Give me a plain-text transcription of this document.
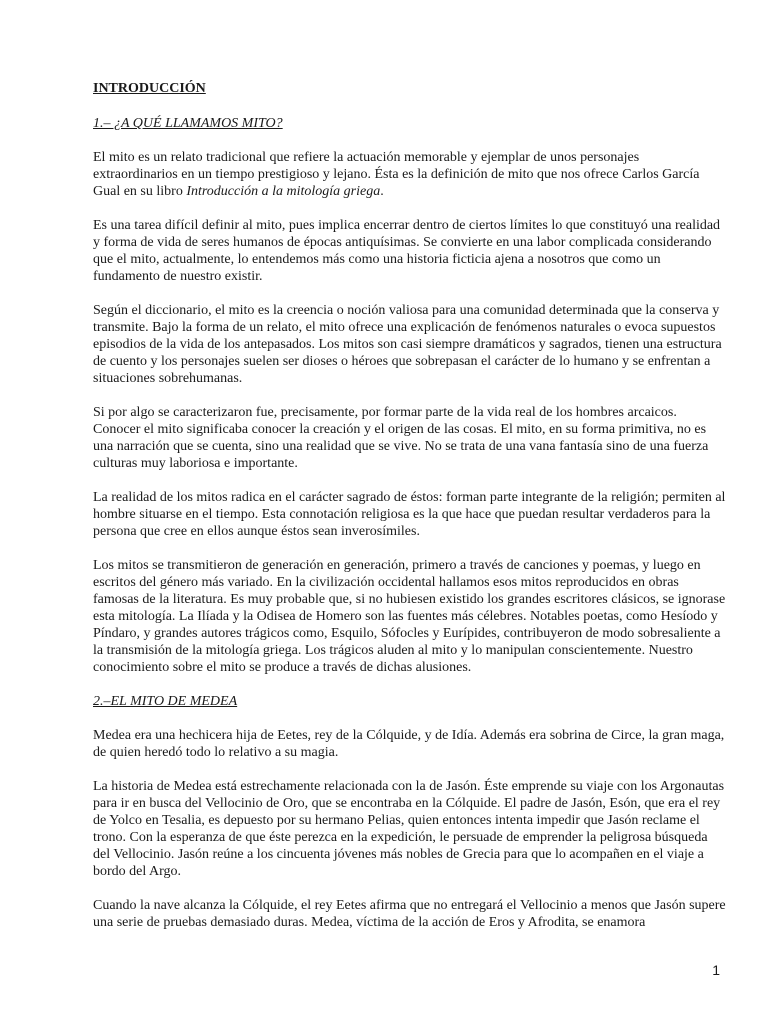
INTRODUCCIÓN
1.– ¿A QUÉ LLAMAMOS MITO?

El mito es un relato tradicional que refiere la actuación memorable y ejemplar de unos personajes extraordinarios en un tiempo prestigioso y lejano. Ésta es la definición de mito que nos ofrece Carlos García Gual en su libro Introducción a la mitología griega.

Es una tarea difícil definir al mito, pues implica encerrar dentro de ciertos límites lo que constituyó una realidad y forma de vida de seres humanos de épocas antiquísimas. Se convierte en una labor complicada considerando que el mito, actualmente, lo entendemos más como una historia ficticia ajena a nosotros que como un fundamento de nuestro existir.

Según el diccionario, el mito es la creencia o noción valiosa para una comunidad determinada que la conserva y transmite. Bajo la forma de un relato, el mito ofrece una explicación de fenómenos naturales o evoca supuestos episodios de la vida de los antepasados. Los mitos son casi siempre dramáticos y sagrados, tienen una estructura de cuento y los personajes suelen ser dioses o héroes que sobrepasan el carácter de lo humano y se enfrentan a situaciones sobrehumanas.

Si por algo se caracterizaron fue, precisamente, por formar parte de la vida real de los hombres arcaicos. Conocer el mito significaba conocer la creación y el origen de las cosas. El mito, en su forma primitiva, no es una narración que se cuenta, sino una realidad que se vive. No se trata de una vana fantasía sino de una fuerza culturas muy laboriosa e importante.

La realidad de los mitos radica en el carácter sagrado de éstos: forman parte integrante de la religión; permiten al hombre situarse en el tiempo. Esta connotación religiosa es la que hace que puedan resultar verdaderos para la persona que cree en ellos aunque éstos sean inverosímiles.

Los mitos se transmitieron de generación en generación, primero a través de canciones y poemas, y luego en escritos del género más variado. En la civilización occidental hallamos esos mitos reproducidos en obras famosas de la literatura. Es muy probable que, si no hubiesen existido los grandes escritores clásicos, se ignorase esta mitología. La Ilíada y la Odisea de Homero son las fuentes más célebres. Notables poetas, como Hesíodo y Píndaro, y grandes autores trágicos como, Esquilo, Sófocles y Eurípides, contribuyeron de modo sobresaliente a la transmisión de la mitología griega. Los trágicos aluden al mito y lo manipulan conscientemente. Nuestro conocimiento sobre el mito se produce a través de dichas alusiones.

2.–EL MITO DE MEDEA

Medea era una hechicera hija de Eetes, rey de la Cólquide, y de Idía. Además era sobrina de Circe, la gran maga, de quien heredó todo lo relativo a su magia.

La historia de Medea está estrechamente relacionada con la de Jasón. Éste emprende su viaje con los Argonautas para ir en busca del Vellocinio de Oro, que se encontraba en la Cólquide. El padre de Jasón, Esón, que era el rey de Yolco en Tesalia, es depuesto por su hermano Pelias, quien entonces intenta impedir que Jasón reclame el trono. Con la esperanza de que éste perezca en la expedición, le persuade de emprender la peligrosa búsqueda del Vellocinio. Jasón reúne a los cincuenta jóvenes más nobles de Grecia para que lo acompañen en el viaje a bordo del Argo.

Cuando la nave alcanza la Cólquide, el rey Eetes afirma que no entregará el Vellocinio a menos que Jasón supere una serie de pruebas demasiado duras. Medea, víctima de la acción de Eros y Afrodita, se enamora

1
